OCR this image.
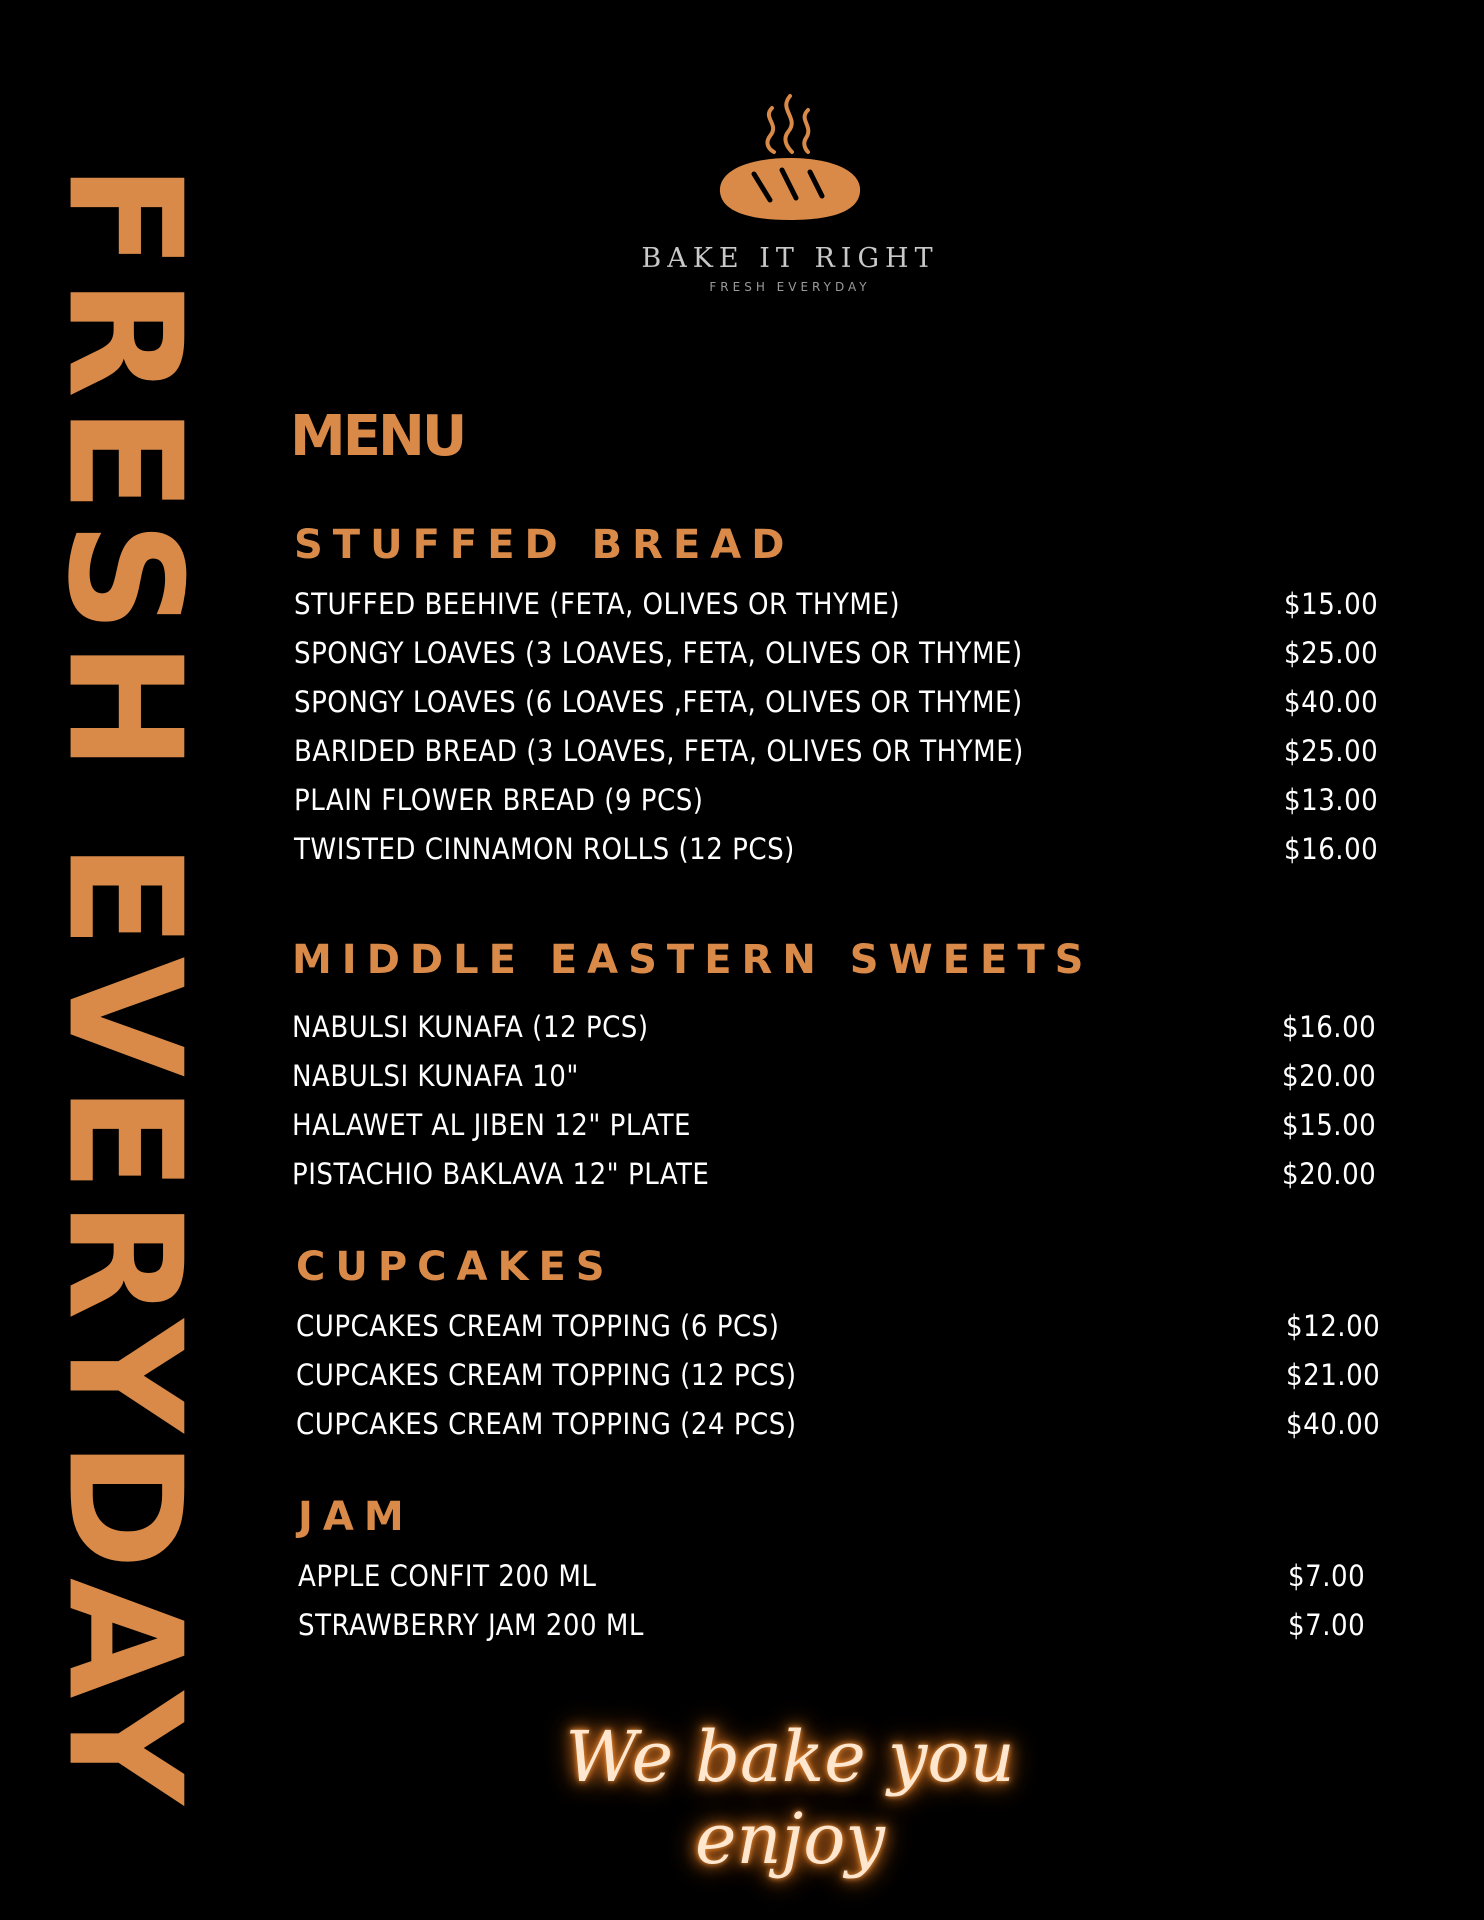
FRESH EVERYDAY	BAKE IT RIGHT
FRESH EVERYDAY
MENU
STUFFED BREAD
STUFFED BEEHIVE (FETA, OLIVES OR THYME)	$15.00
SPONGY LOAVES (3 LOAVES, FETA, OLIVES OR THYME)	$25.00
SPONGY LOAVES (6 LOAVES ,FETA, OLIVES OR THYME)	$40.00
BARIDED BREAD (3 LOAVES, FETA, OLIVES OR THYME)	$25.00
PLAIN FLOWER BREAD (9 PCS)	$13.00
TWISTED CINNAMON ROLLS (12 PCS)	$16.00
MIDDLE EASTERN SWEETS
NABULSI KUNAFA (12 PCS)	$16.00
NABULSI KUNAFA 10"	$20.00
HALAWET AL JIBEN 12" PLATE	$15.00
PISTACHIO BAKLAVA 12" PLATE	$20.00
CUPCAKES
CUPCAKES CREAM TOPPING (6 PCS)	$12.00
CUPCAKES CREAM TOPPING (12 PCS)	$21.00
CUPCAKES CREAM TOPPING (24 PCS)	$40.00
JAM
APPLE CONFIT 200 ML	$7.00
STRAWBERRY JAM 200 ML	$7.00
We bake you enjoy
